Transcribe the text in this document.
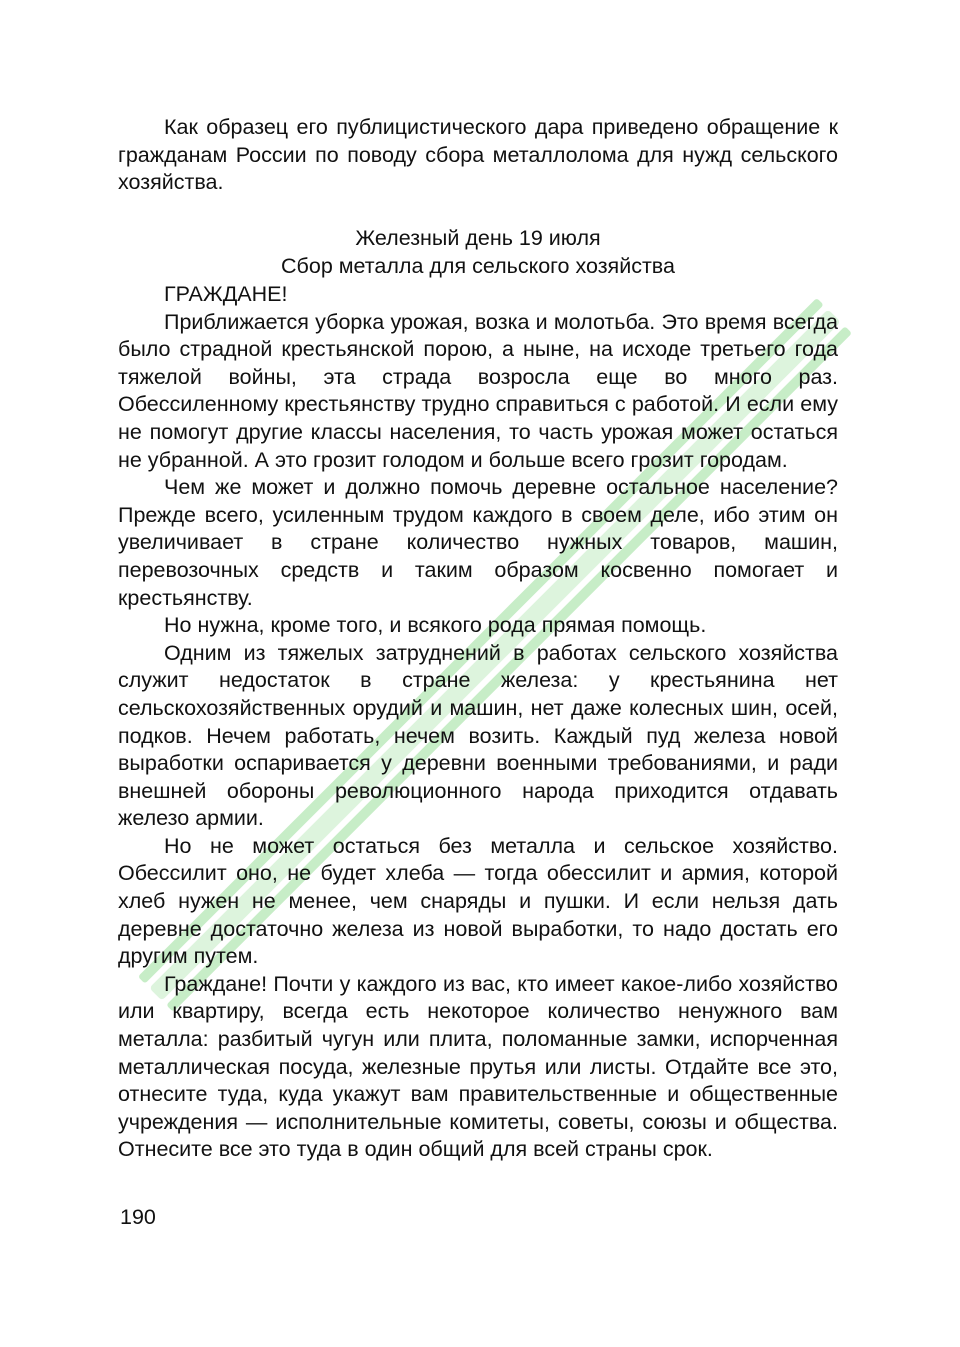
Как образец его публицистического дара приведено обращение к гражданам России по поводу сбора металлолома для нужд сельского хозяйства.

Железный день 19 июля

Сбор металла для сельского хозяйства

ГРАЖДАНЕ!

Приближается уборка урожая, возка и молотьба. Это время всегда было страдной крестьянской порою, а ныне, на исходе третьего года тяжелой войны, эта страда возросла еще во много раз. Обессиленному крестьянству трудно справиться с работой. И если ему не помогут другие классы населения, то часть урожая может остаться не убранной. А это грозит голодом и больше всего грозит городам.

Чем же может и должно помочь деревне остальное население? Прежде всего, усиленным трудом каждого в своем деле, ибо этим он увеличивает в стране количество нужных товаров, машин, перевозочных средств и таким образом косвенно помогает и крестьянству.

Но нужна, кроме того, и всякого рода прямая помощь.

Одним из тяжелых затруднений в работах сельского хозяйства служит недостаток в стране железа: у крестьянина нет сельскохозяйственных орудий и машин, нет даже колесных шин, осей, подков. Нечем работать, нечем возить. Каждый пуд железа новой выработки оспаривается у деревни военными требованиями, и ради внешней обороны революционного народа приходится отдавать железо армии.

Но не может остаться без металла и сельское хозяйство. Обессилит оно, не будет хлеба — тогда обессилит и армия, которой хлеб нужен не менее, чем снаряды и пушки. И если нельзя дать деревне достаточно железа из новой выработки, то надо достать его другим путем.

Граждане! Почти у каждого из вас, кто имеет какое-либо хозяйство или квартиру, всегда есть некоторое количество ненужного вам металла: разбитый чугун или плита, поломанные замки, испорченная металлическая посуда, железные прутья или листы. Отдайте все это, отнесите туда, куда укажут вам правительственные и общественные учреждения — исполнительные комитеты, советы, союзы и общества. Отнесите все это туда в один общий для всей страны срок.

190
